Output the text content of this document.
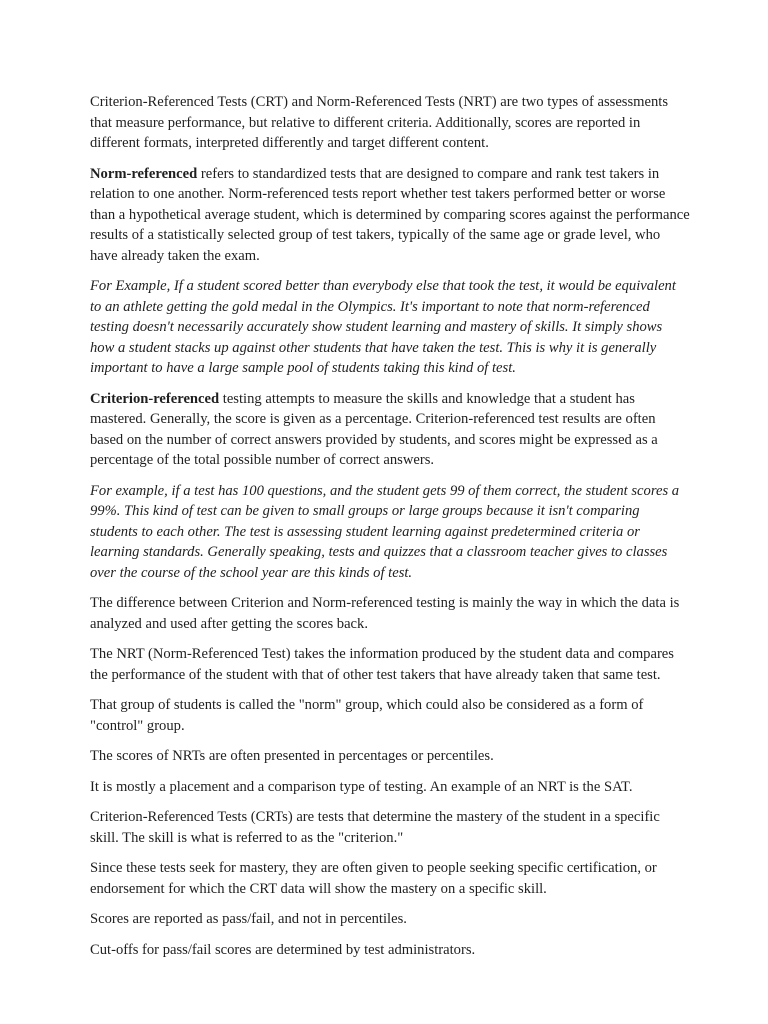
Criterion-Referenced Tests (CRT) and Norm-Referenced Tests (NRT) are two types of assessments that measure performance, but relative to different criteria. Additionally, scores are reported in different formats, interpreted differently and target different content.

Norm-referenced refers to standardized tests that are designed to compare and rank test takers in relation to one another. Norm-referenced tests report whether test takers performed better or worse than a hypothetical average student, which is determined by comparing scores against the performance results of a statistically selected group of test takers, typically of the same age or grade level, who have already taken the exam.

For Example, If a student scored better than everybody else that took the test, it would be equivalent to an athlete getting the gold medal in the Olympics. It's important to note that norm-referenced testing doesn't necessarily accurately show student learning and mastery of skills. It simply shows how a student stacks up against other students that have taken the test. This is why it is generally important to have a large sample pool of students taking this kind of test.

Criterion-referenced testing attempts to measure the skills and knowledge that a student has mastered. Generally, the score is given as a percentage. Criterion-referenced test results are often based on the number of correct answers provided by students, and scores might be expressed as a percentage of the total possible number of correct answers.

For example, if a test has 100 questions, and the student gets 99 of them correct, the student scores a 99%. This kind of test can be given to small groups or large groups because it isn't comparing students to each other. The test is assessing student learning against predetermined criteria or learning standards. Generally speaking, tests and quizzes that a classroom teacher gives to classes over the course of the school year are this kinds of test.

The difference between Criterion and Norm-referenced testing is mainly the way in which the data is analyzed and used after getting the scores back.

The NRT (Norm-Referenced Test) takes the information produced by the student data and compares the performance of the student with that of other test takers that have already taken that same test.

That group of students is called the "norm" group, which could also be considered as a form of "control" group.

The scores of NRTs are often presented in percentages or percentiles.

It is mostly a placement and a comparison type of testing. An example of an NRT is the SAT.

Criterion-Referenced Tests (CRTs) are tests that determine the mastery of the student in a specific skill. The skill is what is referred to as the "criterion."

Since these tests seek for mastery, they are often given to people seeking specific certification, or endorsement for which the CRT data will show the mastery on a specific skill.

Scores are reported as pass/fail, and not in percentiles.

Cut-offs for pass/fail scores are determined by test administrators.
